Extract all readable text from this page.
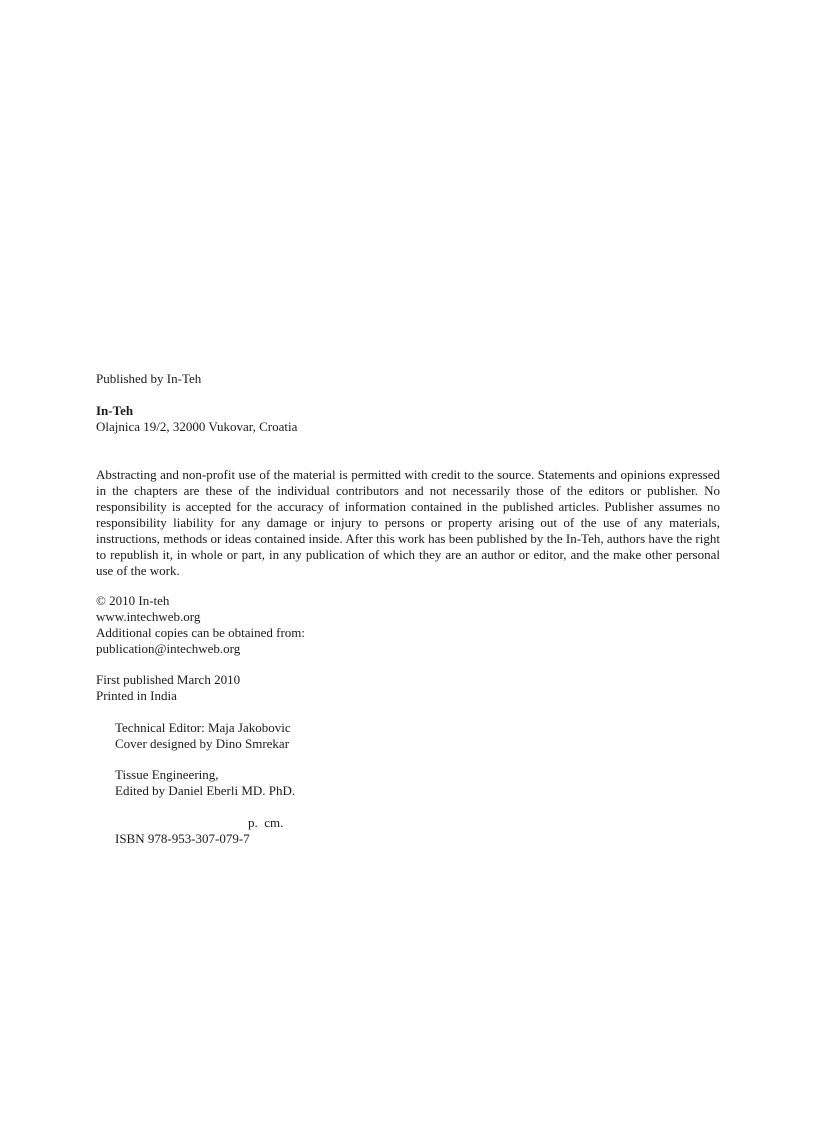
Published by In-Teh
In-Teh
Olajnica 19/2, 32000 Vukovar, Croatia
Abstracting and non-profit use of the material is permitted with credit to the source. Statements and opinions expressed in the chapters are these of the individual contributors and not necessarily those of the editors or publisher. No responsibility is accepted for the accuracy of information contained in the published articles. Publisher assumes no responsibility liability for any damage or injury to persons or property arising out of the use of any materials, instructions, methods or ideas contained inside. After this work has been published by the In-Teh, authors have the right to republish it, in whole or part, in any publication of which they are an author or editor, and the make other personal use of the work.
© 2010 In-teh
www.intechweb.org
Additional copies can be obtained from:
publication@intechweb.org
First published March 2010
Printed in India
Technical Editor: Maja Jakobovic
Cover designed by Dino Smrekar
Tissue Engineering,
Edited by Daniel Eberli MD. PhD.
p.  cm.
ISBN 978-953-307-079-7
